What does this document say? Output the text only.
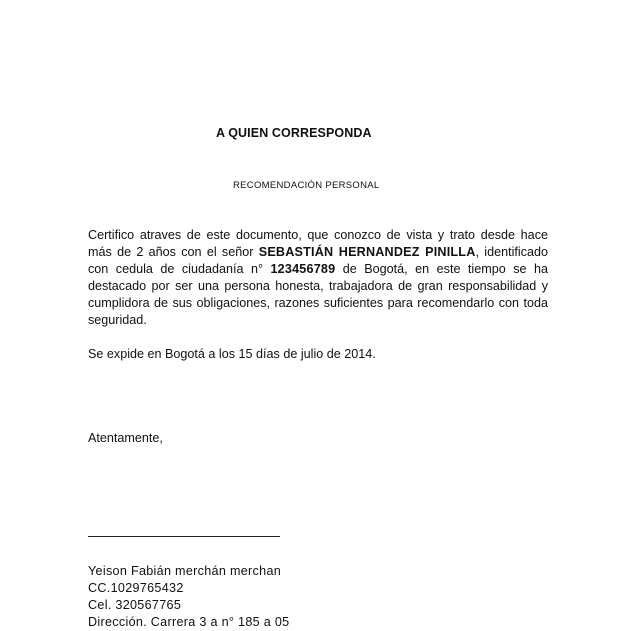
A QUIEN CORRESPONDA
RECOMENDACIÓN PERSONAL

Certifico atraves de este documento, que conozco de vista y trato desde hace más de 2 años con el señor SEBASTIÁN HERNANDEZ PINILLA, identificado con cedula de ciudadanía n° 123456789 de Bogotá, en este tiempo se ha destacado por ser una persona honesta, trabajadora de gran responsabilidad y cumplidora de sus obligaciones, razones suficientes para recomendarlo con toda seguridad.

Se expide en Bogotá a los 15 días de julio de 2014.
Atentamente,
Yeison Fabián merchán merchan
CC.1029765432
Cel. 320567765
Dirección. Carrera 3 a n° 185 a 05
